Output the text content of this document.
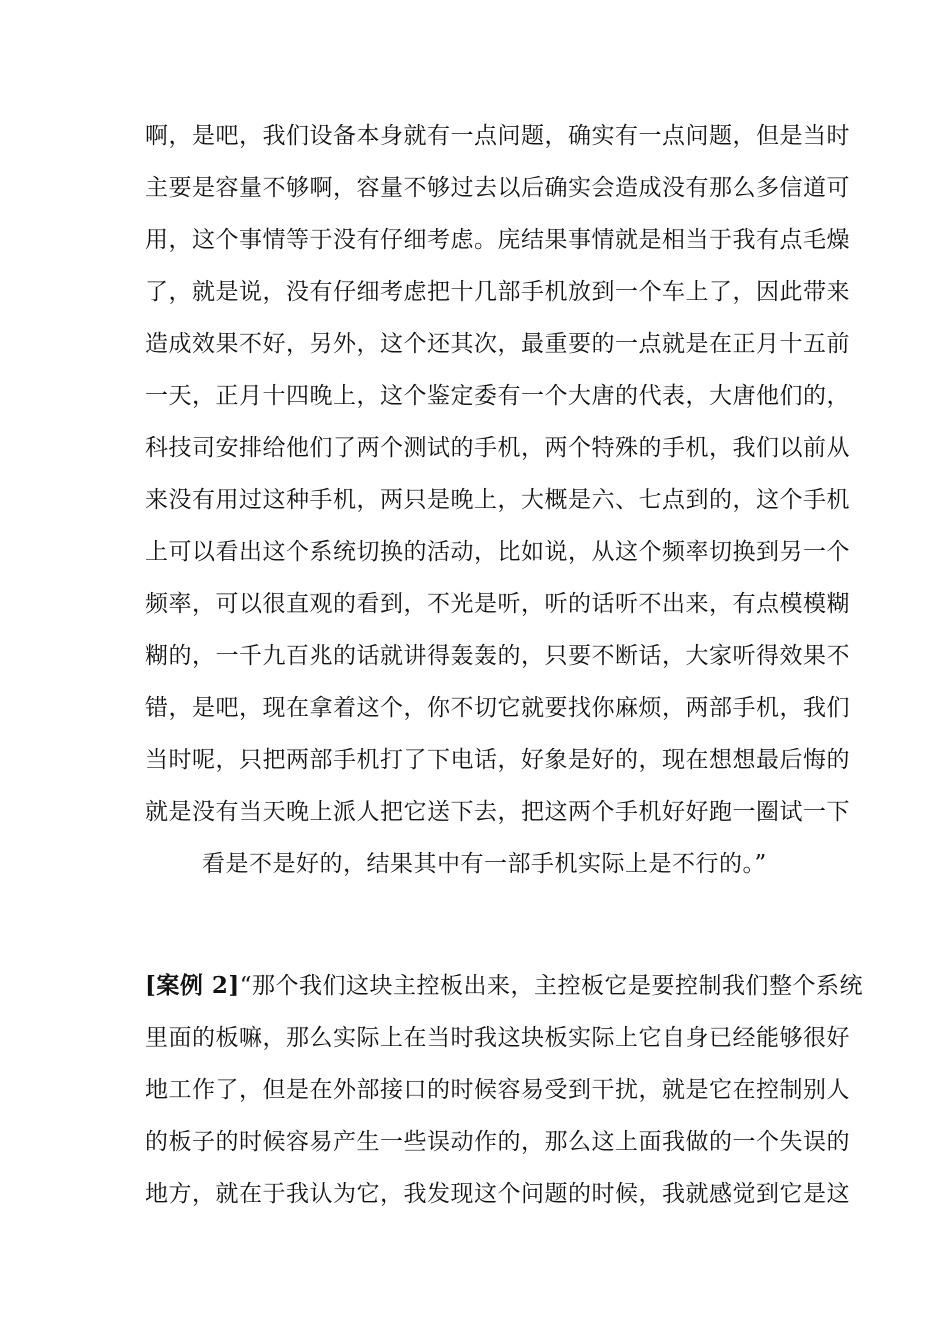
啊，是吧，我们设备本身就有一点问题，确实有一点问题，但是当时
主要是容量不够啊，容量不够过去以后确实会造成没有那么多信道可
用，这个事情等于没有仔细考虑。庑结果事情就是相当于我有点毛燥
了，就是说，没有仔细考虑把十几部手机放到一个车上了，因此带来
造成效果不好，另外，这个还其次，最重要的一点就是在正月十五前
一天，正月十四晚上，这个鉴定委有一个大唐的代表，大唐他们的，
科技司安排给他们了两个测试的手机，两个特殊的手机，我们以前从
来没有用过这种手机，两只是晚上，大概是六、七点到的，这个手机
上可以看出这个系统切换的活动，比如说，从这个频率切换到另一个
频率，可以很直观的看到，不光是听，听的话听不出来，有点模模糊
糊的，一千九百兆的话就讲得轰轰的，只要不断话，大家听得效果不
错，是吧，现在拿着这个，你不切它就要找你麻烦，两部手机，我们
当时呢，只把两部手机打了下电话，好象是好的，现在想想最后悔的
就是没有当天晚上派人把它送下去，把这两个手机好好跑一圈试一下
看是不是好的，结果其中有一部手机实际上是不行的。”
[案例 2]“那个我们这块主控板出来，主控板它是要控制我们整个系统
里面的板嘛，那么实际上在当时我这块板实际上它自身已经能够很好
地工作了，但是在外部接口的时候容易受到干扰，就是它在控制别人
的板子的时候容易产生一些误动作的，那么这上面我做的一个失误的
地方，就在于我认为它，我发现这个问题的时候，我就感觉到它是这
